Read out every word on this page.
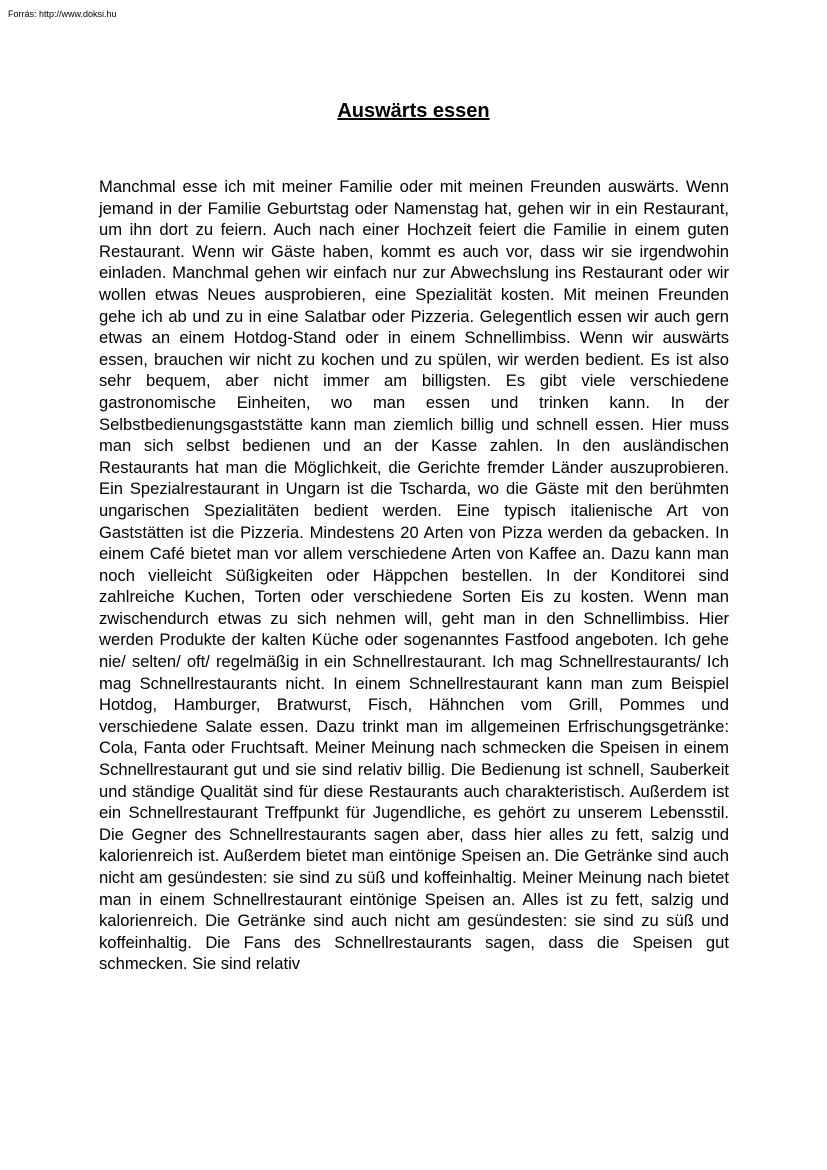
Forrás: http://www.doksi.hu
Auswärts essen

Manchmal esse ich mit meiner Familie oder mit meinen Freunden auswärts. Wenn jemand in der Familie Geburtstag oder Namenstag hat, gehen wir in ein Restaurant, um ihn dort zu feiern. Auch nach einer Hochzeit feiert die Familie in einem guten Restaurant. Wenn wir Gäste haben, kommt es auch vor, dass wir sie irgendwohin einladen. Manchmal gehen wir einfach nur zur Abwechslung ins Restaurant oder wir wollen etwas Neues ausprobieren, eine Spezialität kosten. Mit meinen Freunden gehe ich ab und zu in eine Salatbar oder Pizzeria. Gelegentlich essen wir auch gern etwas an einem Hotdog-Stand oder in einem Schnellimbiss. Wenn wir auswärts essen, brauchen wir nicht zu kochen und zu spülen, wir werden bedient. Es ist also sehr bequem, aber nicht immer am billigsten. Es gibt viele verschiedene gastronomische Einheiten, wo man essen und trinken kann. In der Selbstbedienungsgaststätte kann man ziemlich billig und schnell essen. Hier muss man sich selbst bedienen und an der Kasse zahlen. In den ausländischen Restaurants hat man die Möglichkeit, die Gerichte fremder Länder auszuprobieren. Ein Spezialrestaurant in Ungarn ist die Tscharda, wo die Gäste mit den berühmten ungarischen Spezialitäten bedient werden. Eine typisch italienische Art von Gaststätten ist die Pizzeria. Mindestens 20 Arten von Pizza werden da gebacken. In einem Café bietet man vor allem verschiedene Arten von Kaffee an. Dazu kann man noch vielleicht Süßigkeiten oder Häppchen bestellen. In der Konditorei sind zahlreiche Kuchen, Torten oder verschiedene Sorten Eis zu kosten. Wenn man zwischendurch etwas zu sich nehmen will, geht man in den Schnellimbiss. Hier werden Produkte der kalten Küche oder sogenanntes Fastfood angeboten. Ich gehe nie/ selten/ oft/ regelmäßig in ein Schnellrestaurant. Ich mag Schnellrestaurants/ Ich mag Schnellrestaurants nicht. In einem Schnellrestaurant kann man zum Beispiel Hotdog, Hamburger, Bratwurst, Fisch, Hähnchen vom Grill, Pommes und verschiedene Salate essen. Dazu trinkt man im allgemeinen Erfrischungsgetränke: Cola, Fanta oder Fruchtsaft. Meiner Meinung nach schmecken die Speisen in einem Schnellrestaurant gut und sie sind relativ billig. Die Bedienung ist schnell, Sauberkeit und ständige Qualität sind für diese Restaurants auch charakteristisch. Außerdem ist ein Schnellrestaurant Treffpunkt für Jugendliche, es gehört zu unserem Lebensstil. Die Gegner des Schnellrestaurants sagen aber, dass hier alles zu fett, salzig und kalorienreich ist. Außerdem bietet man eintönige Speisen an. Die Getränke sind auch nicht am gesündesten: sie sind zu süß und koffeinhaltig. Meiner Meinung nach bietet man in einem Schnellrestaurant eintönige Speisen an. Alles ist zu fett, salzig und kalorienreich. Die Getränke sind auch nicht am gesündesten: sie sind zu süß und koffeinhaltig. Die Fans des Schnellrestaurants sagen, dass die Speisen gut schmecken. Sie sind relativ
